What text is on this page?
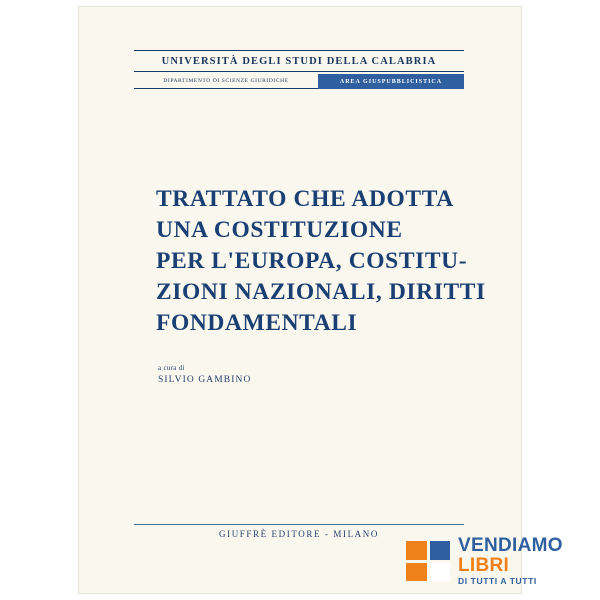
UNIVERSITÀ DEGLI STUDI DELLA CALABRIA
DIPARTIMENTO DI SCIENZE GIURIDICHE	AREA GIUSPUBBLICISTICA
TRATTATO CHE ADOTTA
UNA COSTITUZIONE
PER L'EUROPA, COSTITU-
ZIONI NAZIONALI, DIRITTI
FONDAMENTALI
a cura di
SILVIO GAMBINO
GIUFFRÈ EDITORE - MILANO
VENDIAMO
LIBRI
DI TUTTI A TUTTI
